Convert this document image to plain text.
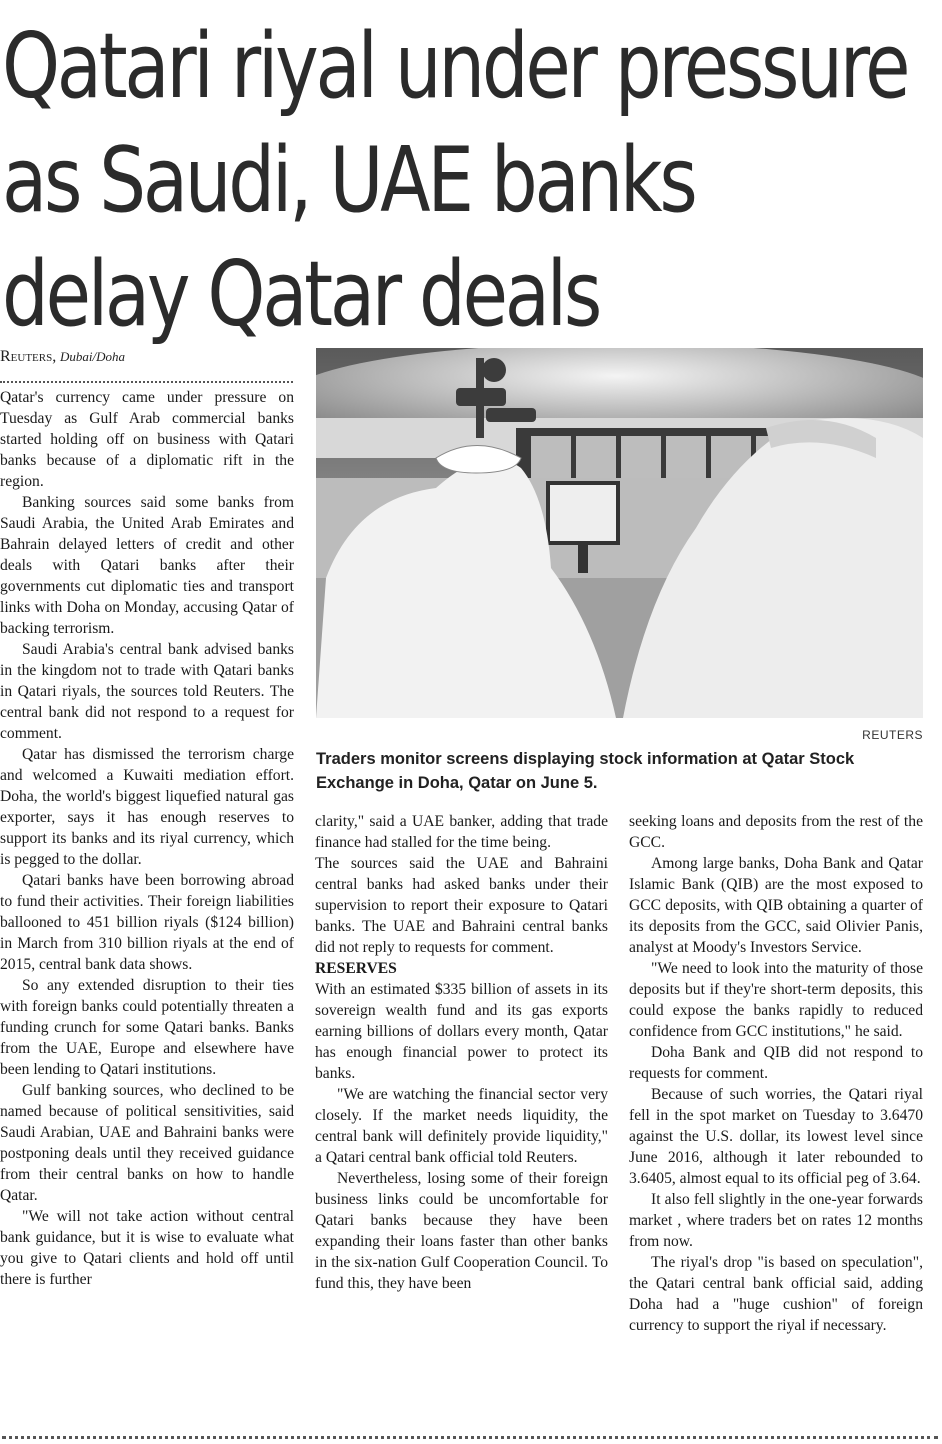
Qatari riyal under pressure
as Saudi, UAE banks
delay Qatar deals
Reuters, Dubai/Doha

Qatar's currency came under pressure on Tuesday as Gulf Arab commercial banks started holding off on business with Qatari banks because of a diplomatic rift in the region.

Banking sources said some banks from Saudi Arabia, the United Arab Emirates and Bahrain delayed letters of credit and other deals with Qatari banks after their governments cut diplomatic ties and transport links with Doha on Monday, accusing Qatar of backing terrorism.

Saudi Arabia's central bank advised banks in the kingdom not to trade with Qatari banks in Qatari riyals, the sources told Reuters. The central bank did not respond to a request for comment.

Qatar has dismissed the terrorism charge and welcomed a Kuwaiti mediation effort. Doha, the world's biggest liquefied natural gas exporter, says it has enough reserves to support its banks and its riyal currency, which is pegged to the dollar.

Qatari banks have been borrowing abroad to fund their activities. Their foreign liabilities ballooned to 451 billion riyals ($124 billion) in March from 310 billion riyals at the end of 2015, central bank data shows.

So any extended disruption to their ties with foreign banks could potentially threaten a funding crunch for some Qatari banks. Banks from the UAE, Europe and elsewhere have been lending to Qatari institutions.

Gulf banking sources, who declined to be named because of political sensitivities, said Saudi Arabian, UAE and Bahraini banks were postponing deals until they received guidance from their central banks on how to handle Qatar.

"We will not take action without central bank guidance, but it is wise to evaluate what you give to Qatari clients and hold off until there is further

REUTERS
Traders monitor screens displaying stock information at Qatar Stock Exchange in Doha, Qatar on June 5.

clarity," said a UAE banker, adding that trade finance had stalled for the time being.

The sources said the UAE and Bahraini central banks had asked banks under their supervision to report their exposure to Qatari banks. The UAE and Bahraini central banks did not reply to requests for comment.

RESERVES

With an estimated $335 billion of assets in its sovereign wealth fund and its gas exports earning billions of dollars every month, Qatar has enough financial power to protect its banks.

"We are watching the financial sector very closely. If the market needs liquidity, the central bank will definitely provide liquidity," a Qatari central bank official told Reuters.

Nevertheless, losing some of their foreign business links could be uncomfortable for Qatari banks because they have been expanding their loans faster than other banks in the six-nation Gulf Cooperation Council. To fund this, they have been

seeking loans and deposits from the rest of the GCC.

Among large banks, Doha Bank and Qatar Islamic Bank (QIB) are the most exposed to GCC deposits, with QIB obtaining a quarter of its deposits from the GCC, said Olivier Panis, analyst at Moody's Investors Service.

"We need to look into the maturity of those deposits but if they're short-term deposits, this could expose the banks rapidly to reduced confidence from GCC institutions," he said.

Doha Bank and QIB did not respond to requests for comment.

Because of such worries, the Qatari riyal fell in the spot market on Tuesday to 3.6470 against the U.S. dollar, its lowest level since June 2016, although it later rebounded to 3.6405, almost equal to its official peg of 3.64.

It also fell slightly in the one-year forwards market , where traders bet on rates 12 months from now.

The riyal's drop "is based on speculation", the Qatari central bank official said, adding Doha had a "huge cushion" of foreign currency to support the riyal if necessary.
